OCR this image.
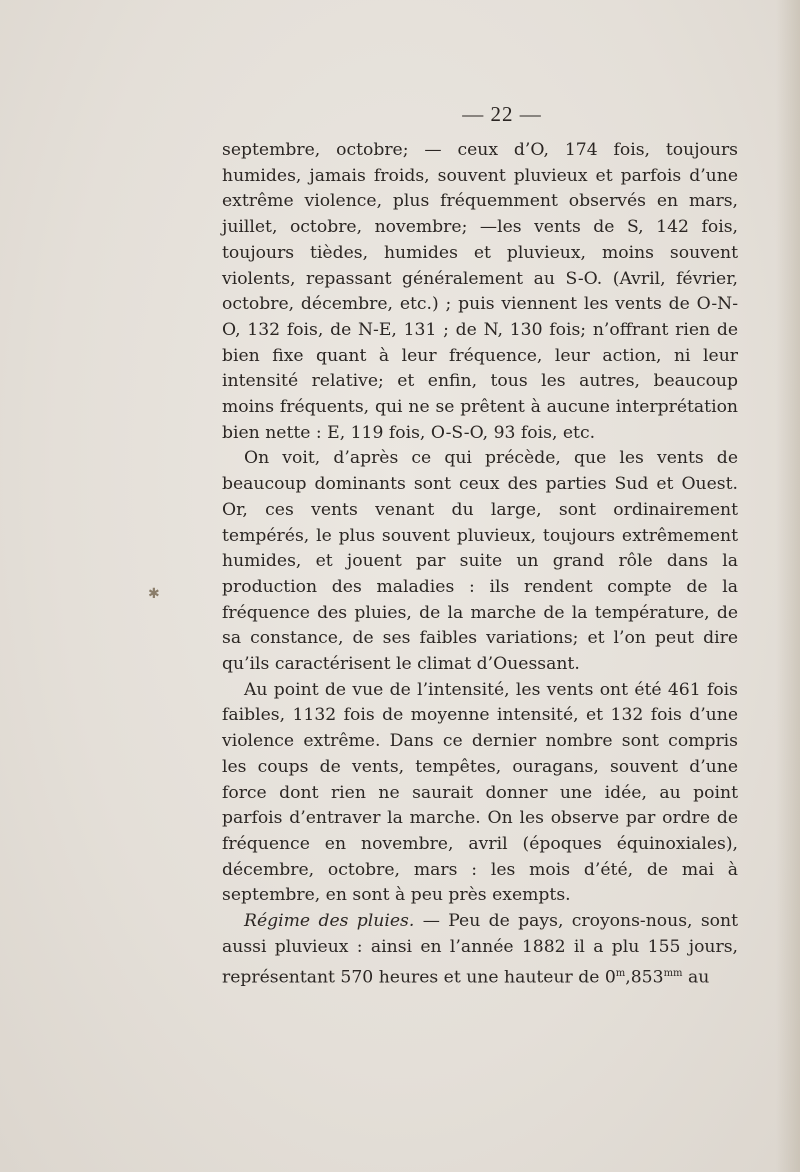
— 22 —

septembre, octobre; — ceux d’O, 174 fois, toujours humides, jamais froids, souvent pluvieux et parfois d’une extrême violence, plus fréquemment observés en mars, juillet, octobre, novembre; —les vents de S, 142 fois, toujours tièdes, humides et pluvieux, moins souvent violents, repassant généralement au S-O. (Avril, février, octobre, décembre, etc.) ; puis viennent les vents de O-N-O, 132 fois, de N-E, 131 ; de N, 130 fois; n’offrant rien de bien fixe quant à leur fréquence, leur action, ni leur intensité relative; et enfin, tous les autres, beaucoup moins fréquents, qui ne se prêtent à aucune interprétation bien nette : E, 119 fois, O-S-O, 93 fois, etc.

On voit, d’après ce qui précède, que les vents de beaucoup dominants sont ceux des parties Sud et Ouest. Or, ces vents venant du large, sont ordinairement tempérés, le plus souvent pluvieux, toujours extrêmement humides, et jouent par suite un grand rôle dans la production des maladies : ils rendent compte de la fréquence des pluies, de la marche de la température, de sa constance, de ses faibles variations; et l’on peut dire qu’ils caractérisent le climat d’Ouessant.

Au point de vue de l’intensité, les vents ont été 461 fois faibles, 1132 fois de moyenne intensité, et 132 fois d’une violence extrême. Dans ce dernier nombre sont compris les coups de vents, tempêtes, ouragans, souvent d’une force dont rien ne saurait donner une idée, au point parfois d’entraver la marche. On les observe par ordre de fréquence en novembre, avril (époques équinoxiales), décembre, octobre, mars : les mois d’été, de mai à septembre, en sont à peu près exempts.

Régime des pluies. — Peu de pays, croyons-nous, sont aussi pluvieux : ainsi en l’année 1882 il a plu 155 jours, représentant 570 heures et une hauteur de $0^m,853^{mm}$ au

✱
